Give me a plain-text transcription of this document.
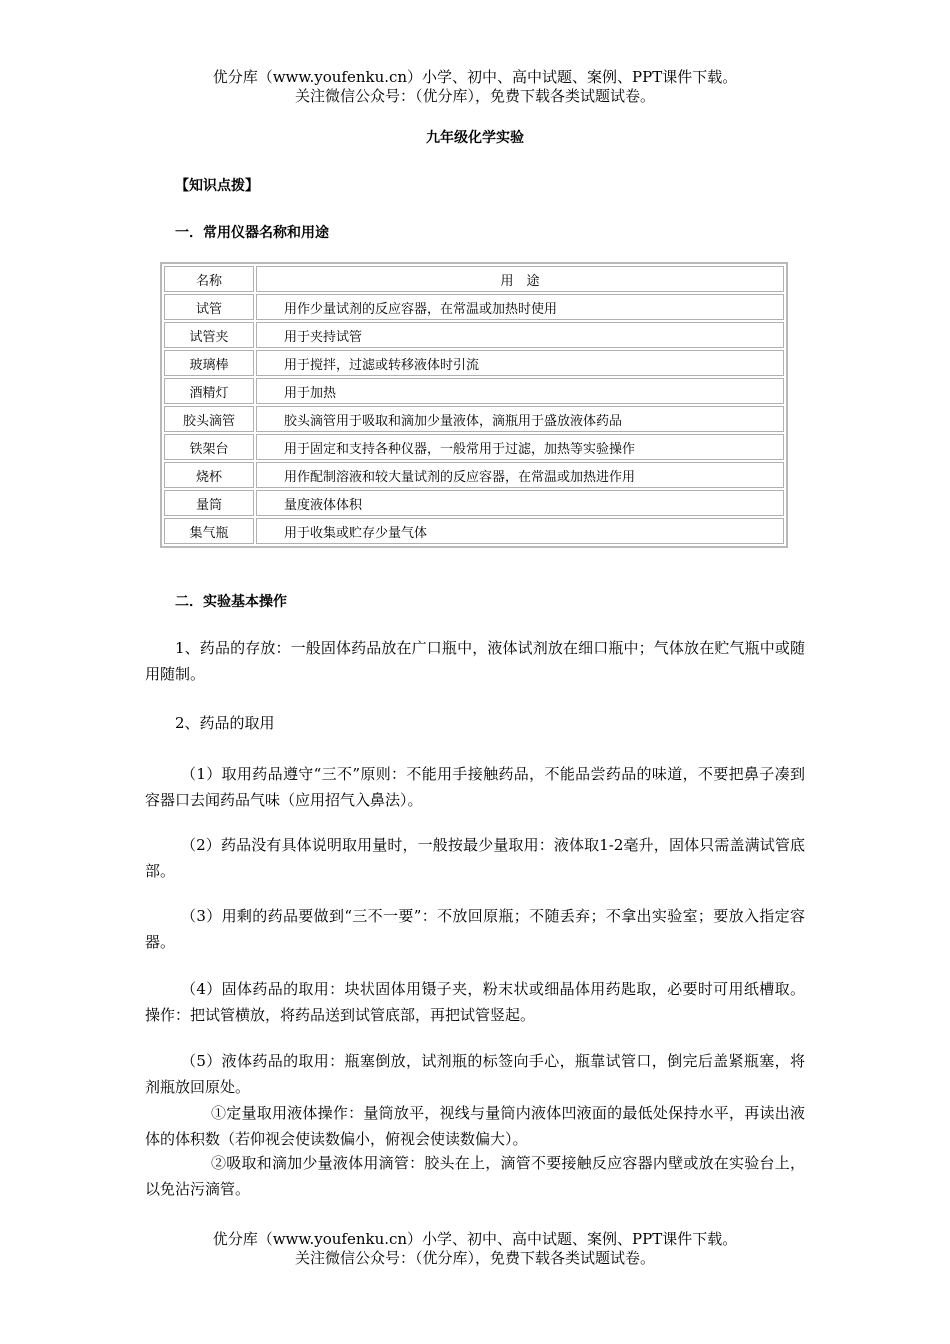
优分库（www.youfenku.cn）小学、初中、高中试题、案例、PPT课件下载。
关注微信公众号：（优分库），免费下载各类试题试卷。
九年级化学实验
【知识点拨】
一．常用仪器名称和用途
名称	用　途
试管	用作少量试剂的反应容器，在常温或加热时使用
试管夹	用于夹持试管
玻璃棒	用于搅拌，过滤或转移液体时引流
酒精灯	用于加热
胶头滴管	胶头滴管用于吸取和滴加少量液体，滴瓶用于盛放液体药品
铁架台	用于固定和支持各种仪器，一般常用于过滤，加热等实验操作
烧杯	用作配制溶液和较大量试剂的反应容器，在常温或加热进作用
量筒	量度液体体积
集气瓶	用于收集或贮存少量气体
二．实验基本操作
1、药品的存放：一般固体药品放在广口瓶中，液体试剂放在细口瓶中；气体放在贮气瓶中或随用随制。
2、药品的取用
（1）取用药品遵守“三不”原则：不能用手接触药品，不能品尝药品的味道，不要把鼻子凑到容器口去闻药品气味（应用招气入鼻法）。
（2）药品没有具体说明取用量时，一般按最少量取用：液体取1-2毫升，固体只需盖满试管底部。
（3）用剩的药品要做到“三不一要”：不放回原瓶；不随丢弃；不拿出实验室；要放入指定容器。
（4）固体药品的取用：块状固体用镊子夹，粉末状或细晶体用药匙取，必要时可用纸槽取。操作：把试管横放，将药品送到试管底部，再把试管竖起。
（5）液体药品的取用：瓶塞倒放，试剂瓶的标签向手心，瓶靠试管口，倒完后盖紧瓶塞，将剂瓶放回原处。
①定量取用液体操作：量筒放平，视线与量筒内液体凹液面的最低处保持水平，再读出液体的体积数（若仰视会使读数偏小，俯视会使读数偏大）。
②吸取和滴加少量液体用滴管：胶头在上，滴管不要接触反应容器内壁或放在实验台上，以免沾污滴管。
优分库（www.youfenku.cn）小学、初中、高中试题、案例、PPT课件下载。
关注微信公众号：（优分库），免费下载各类试题试卷。
